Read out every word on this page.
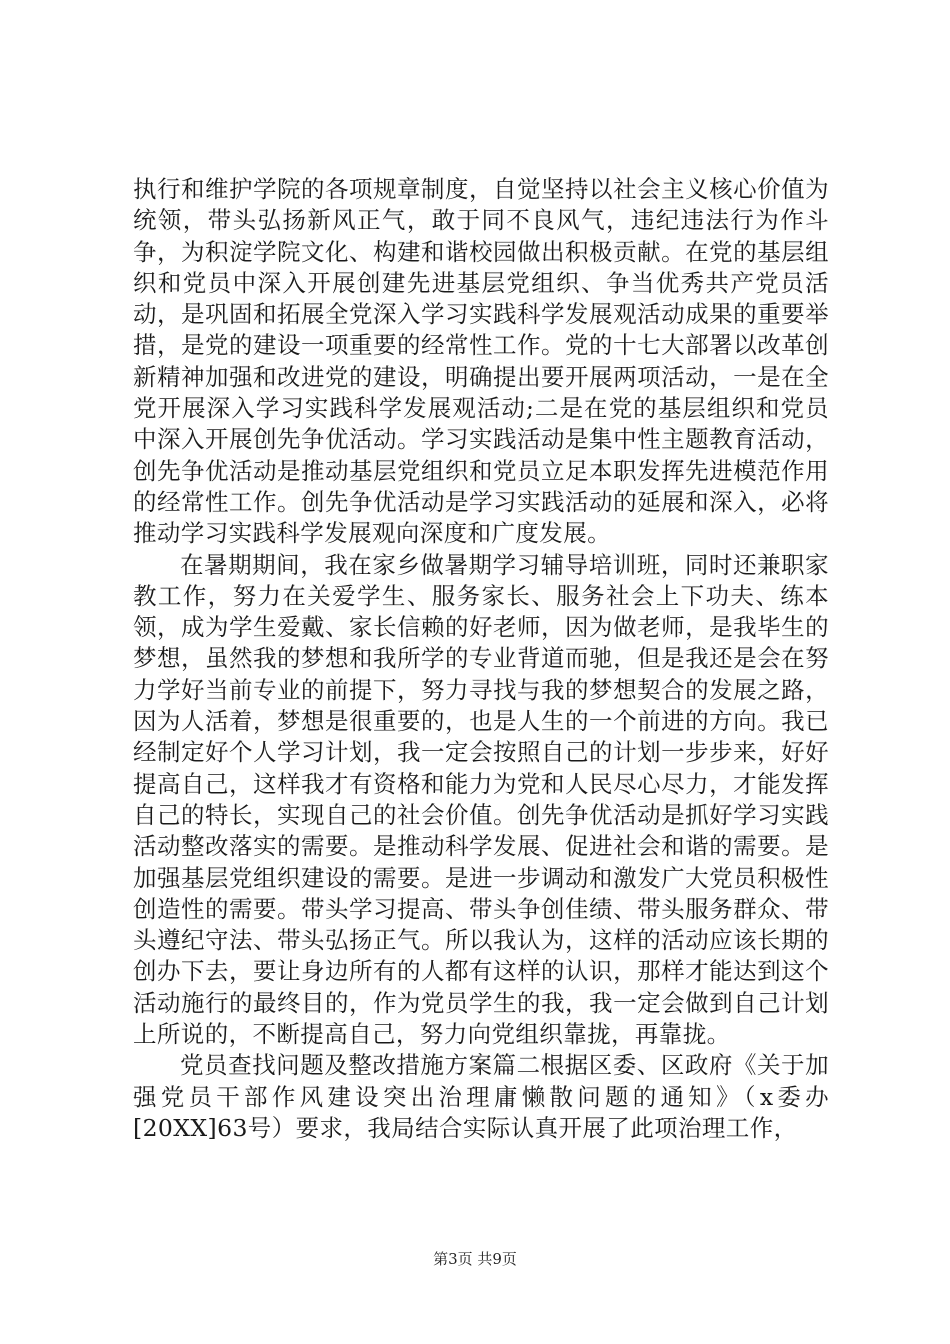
执行和维护学院的各项规章制度，自觉坚持以社会主义核心价值为统领，带头弘扬新风正气，敢于同不良风气，违纪违法行为作斗争，为积淀学院文化、构建和谐校园做出积极贡献。在党的基层组织和党员中深入开展创建先进基层党组织、争当优秀共产党员活动，是巩固和拓展全党深入学习实践科学发展观活动成果的重要举措，是党的建设一项重要的经常性工作。党的十七大部署以改革创新精神加强和改进党的建设，明确提出要开展两项活动，一是在全党开展深入学习实践科学发展观活动;二是在党的基层组织和党员中深入开展创先争优活动。学习实践活动是集中性主题教育活动，创先争优活动是推动基层党组织和党员立足本职发挥先进模范作用的经常性工作。创先争优活动是学习实践活动的延展和深入，必将推动学习实践科学发展观向深度和广度发展。

在暑期期间，我在家乡做暑期学习辅导培训班，同时还兼职家教工作，努力在关爱学生、服务家长、服务社会上下功夫、练本领，成为学生爱戴、家长信赖的好老师，因为做老师，是我毕生的梦想，虽然我的梦想和我所学的专业背道而驰，但是我还是会在努力学好当前专业的前提下，努力寻找与我的梦想契合的发展之路，因为人活着，梦想是很重要的，也是人生的一个前进的方向。我已经制定好个人学习计划，我一定会按照自己的计划一步步来，好好提高自己，这样我才有资格和能力为党和人民尽心尽力，才能发挥自己的特长，实现自己的社会价值。创先争优活动是抓好学习实践活动整改落实的需要。是推动科学发展、促进社会和谐的需要。是加强基层党组织建设的需要。是进一步调动和激发广大党员积极性创造性的需要。带头学习提高、带头争创佳绩、带头服务群众、带头遵纪守法、带头弘扬正气。所以我认为，这样的活动应该长期的创办下去，要让身边所有的人都有这样的认识，那样才能达到这个活动施行的最终目的，作为党员学生的我，我一定会做到自己计划上所说的，不断提高自己，努力向党组织靠拢，再靠拢。

党员查找问题及整改措施方案篇二根据区委、区政府《关于加强党员干部作风建设突出治理庸懒散问题的通知》（x委办[20XX]63号）要求，我局结合实际认真开展了此项治理工作，

第3页 共9页
